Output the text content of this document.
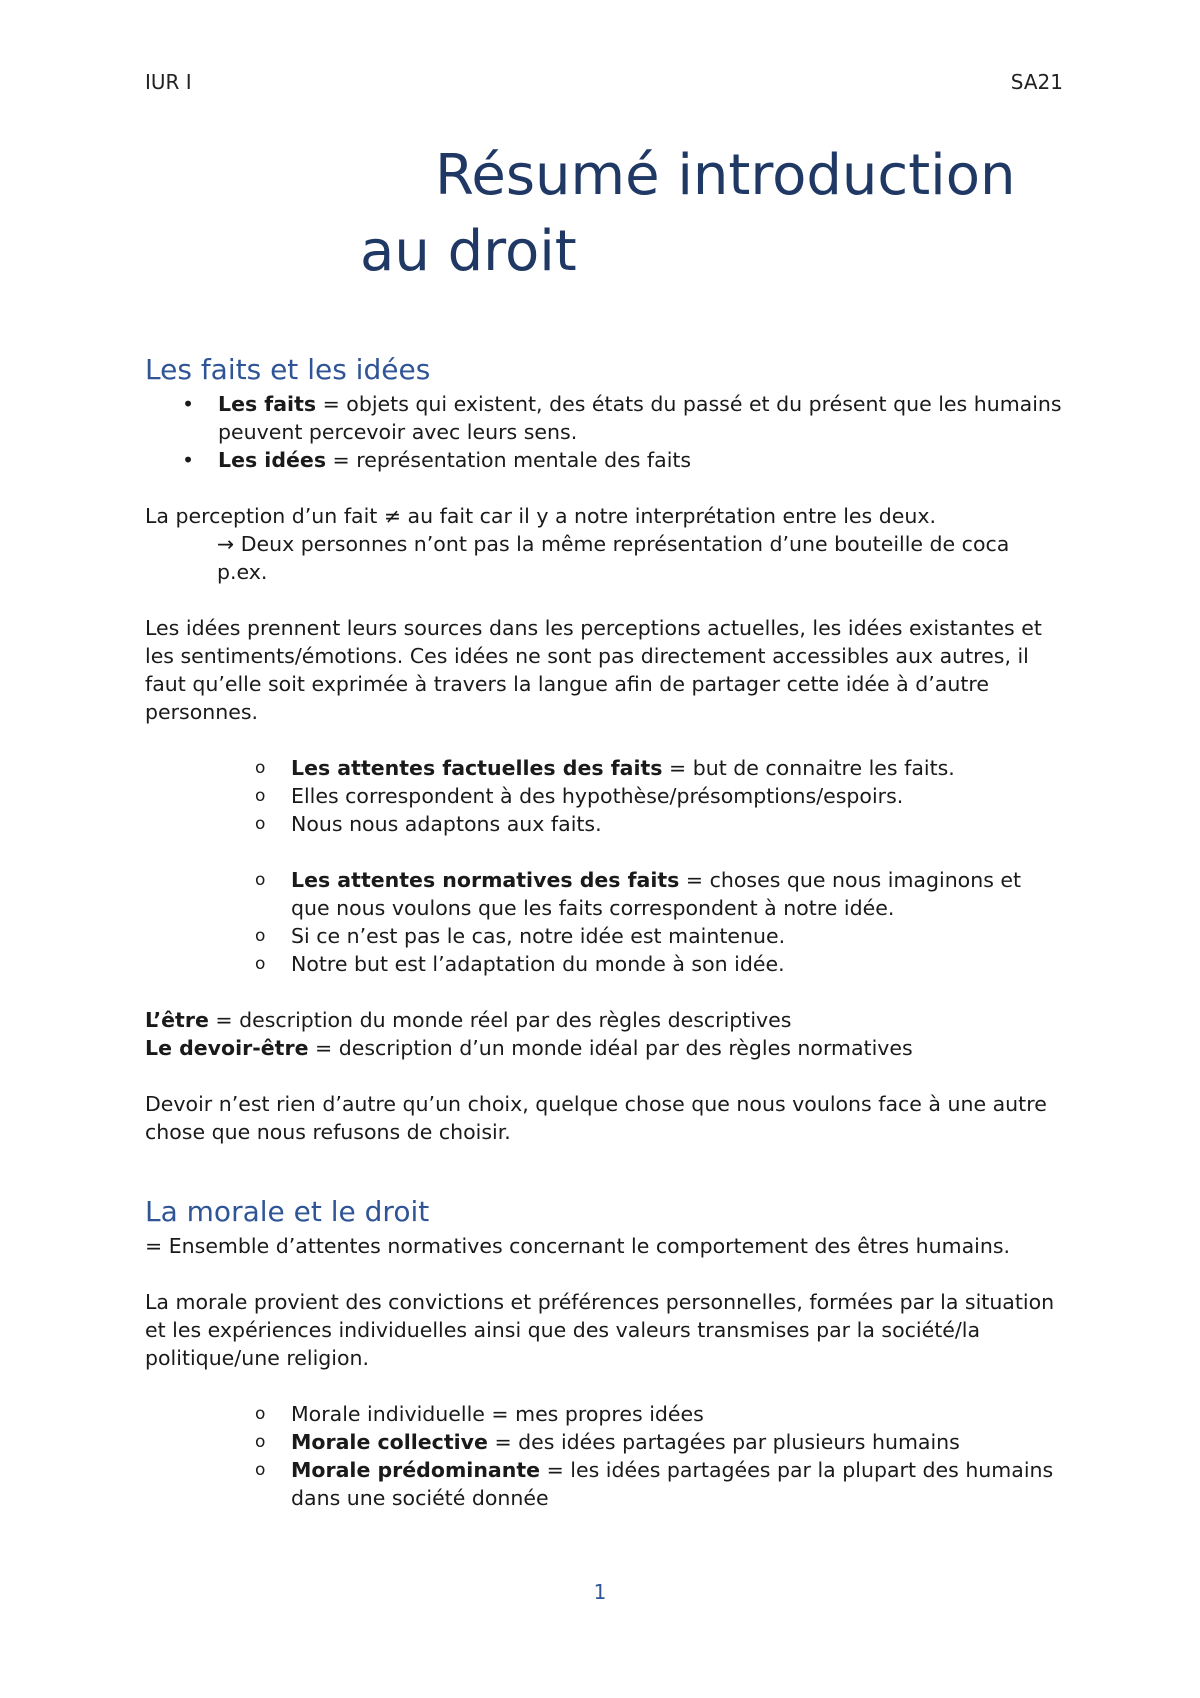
IUR I	SA21
Résumé introduction
au droit
Les faits et les idées
• Les faits = objets qui existent, des états du passé et du présent que les humains peuvent percevoir avec leurs sens.
• Les idées = représentation mentale des faits

La perception d’un fait ≠ au fait car il y a notre interprétation entre les deux.

→ Deux personnes n’ont pas la même représentation d’une bouteille de coca p.ex.

Les idées prennent leurs sources dans les perceptions actuelles, les idées existantes et les sentiments/émotions. Ces idées ne sont pas directement accessibles aux autres, il faut qu’elle soit exprimée à travers la langue afin de partager cette idée à d’autre personnes.

o Les attentes factuelles des faits = but de connaitre les faits.
o Elles correspondent à des hypothèse/présomptions/espoirs.
o Nous nous adaptons aux faits.
o Les attentes normatives des faits = choses que nous imaginons et que nous voulons que les faits correspondent à notre idée.
o Si ce n’est pas le cas, notre idée est maintenue.
o Notre but est l’adaptation du monde à son idée.

L’être = description du monde réel par des règles descriptives

Le devoir-être = description d’un monde idéal par des règles normatives

Devoir n’est rien d’autre qu’un choix, quelque chose que nous voulons face à une autre chose que nous refusons de choisir.

La morale et le droit

= Ensemble d’attentes normatives concernant le comportement des êtres humains.

La morale provient des convictions et préférences personnelles, formées par la situation et les expériences individuelles ainsi que des valeurs transmises par la société/la politique/une religion.

o Morale individuelle = mes propres idées
o Morale collective = des idées partagées par plusieurs humains
o Morale prédominante = les idées partagées par la plupart des humains dans une société donnée
1
